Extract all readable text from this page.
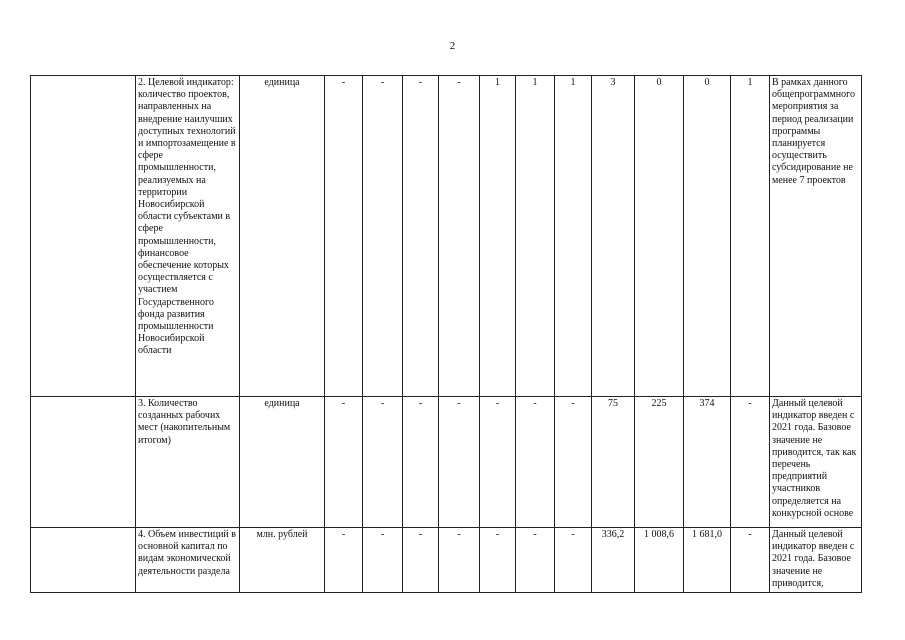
2
	2. Целевой индикатор: количество проектов, направленных на внедрение наилучших доступных технологий и импортозамещение в сфере промышленности, реализуемых на территории Новосибирской области субъектами в сфере промышленности, финансовое обеспечение которых осуществляется с участием Государственного фонда развития промышленности Новосибирской области	единица	-	-	-	-	1	1	1	3	0	0	1	В рамках данного общепрограммного мероприятия за период реализации программы планируется осуществить субсидирование не менее 7 проектов
	3. Количество созданных рабочих мест (накопительным итогом)	единица	-	-	-	-	-	-	-	75	225	374	-	Данный целевой индикатор введен с 2021 года. Базовое значение не приводится, так как перечень предприятий участников определяется на конкурсной основе
	4. Объем инвестиций в основной капитал по видам экономической деятельности раздела	млн. рублей	-	-	-	-	-	-	-	336,2	1 008,6	1 681,0	-	Данный целевой индикатор введен с 2021 года. Базовое значение не приводится,
